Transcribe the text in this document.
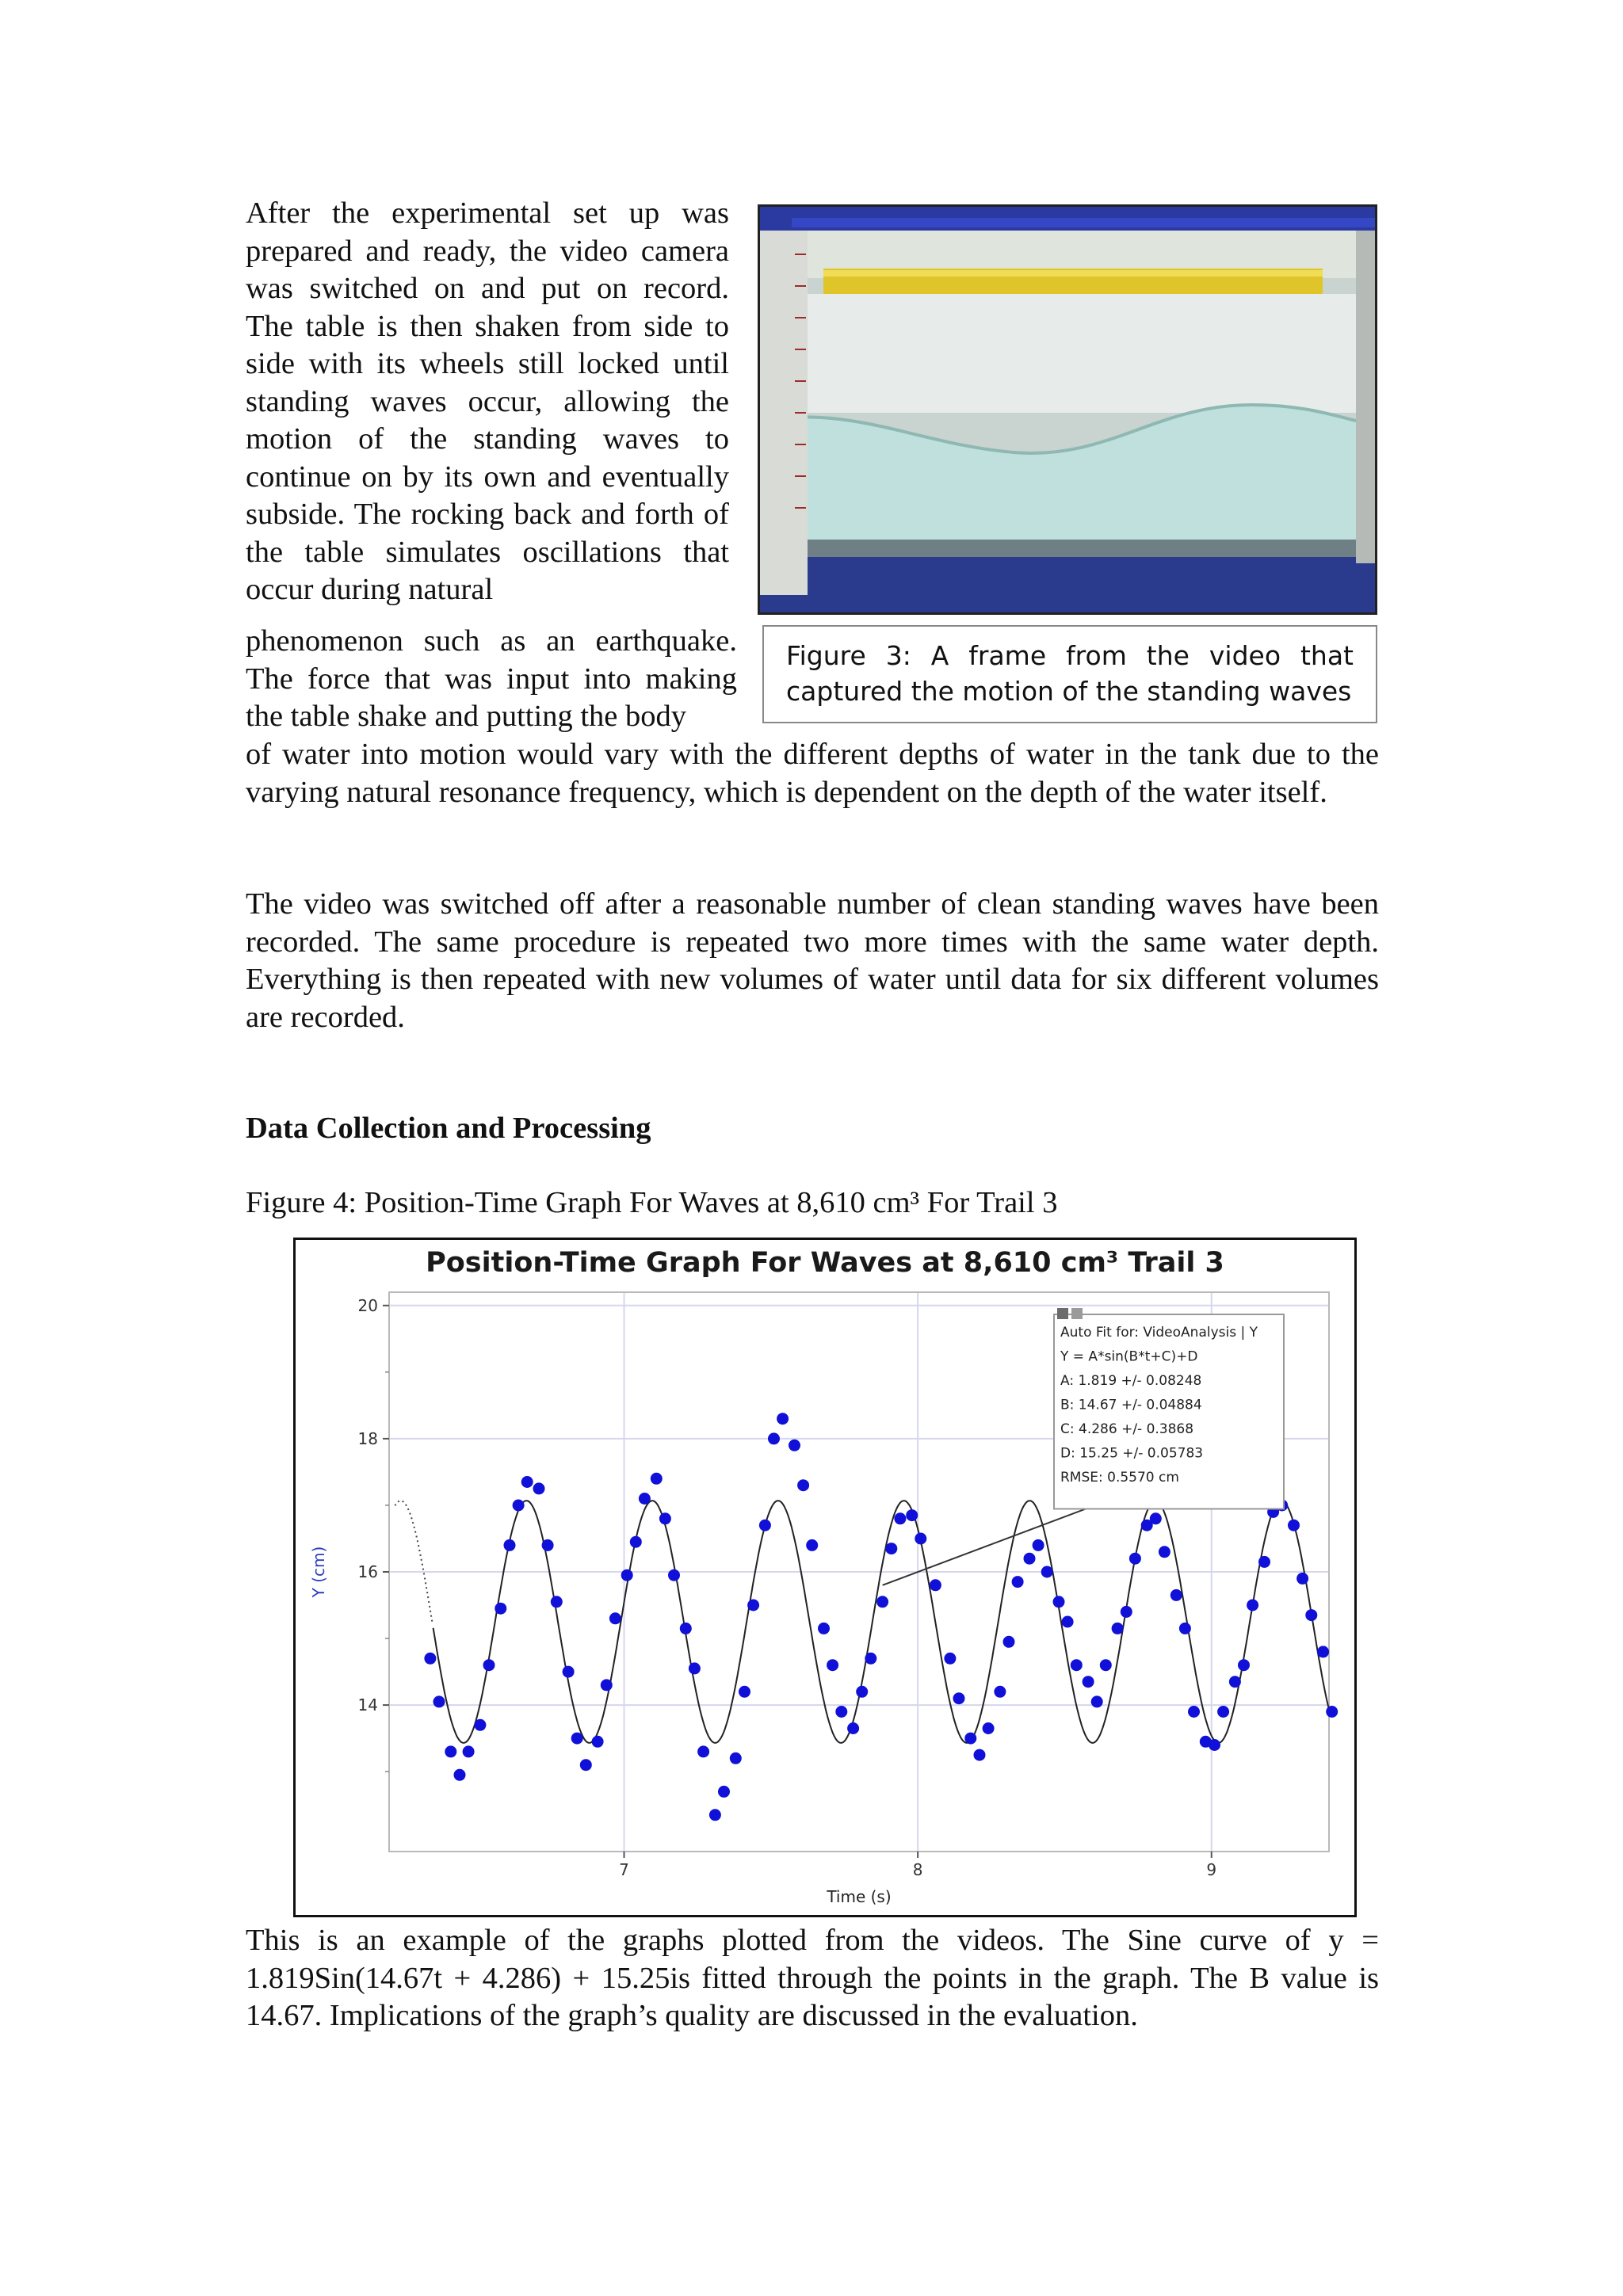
After the experimental set up was prepared and ready, the video camera was switched on and put on record. The table is then shaken from side to side with its wheels still locked until standing waves occur, allowing the motion of the standing waves to continue on by its own and eventually subside. The rocking back and forth of the table simulates oscillations that occur during natural
Figure 3: A frame from the video that captured the motion of the standing waves
phenomenon such as an earthquake. The force that was input into making the table shake and putting the body
of water into motion would vary with the different depths of water in the tank due to the varying natural resonance frequency, which is dependent on the depth of the water itself.
The video was switched off after a reasonable number of clean standing waves have been recorded. The same procedure is repeated two more times with the same water depth. Everything is then repeated with new volumes of water until data for six different volumes are recorded.
Data Collection and Processing
Figure 4: Position-Time Graph For Waves at 8,610 cm³ For Trail 3
Position-Time Graph For Waves at 8,610 cm³ Trail 3
7	8	9
14
16
18
20
Time (s)
Y (cm)
Auto Fit for: VideoAnalysis | Y
Y = A*sin(B*t+C)+D
A: 1.819 +/- 0.08248
B: 14.67 +/- 0.04884
C: 4.286 +/- 0.3868
D: 15.25 +/- 0.05783
RMSE: 0.5570 cm
This is an example of the graphs plotted from the videos. The Sine curve of y = 1.819Sin(14.67t + 4.286) + 15.25is fitted through the points in the graph. The B value is 14.67. Implications of the graph’s quality are discussed in the evaluation.
